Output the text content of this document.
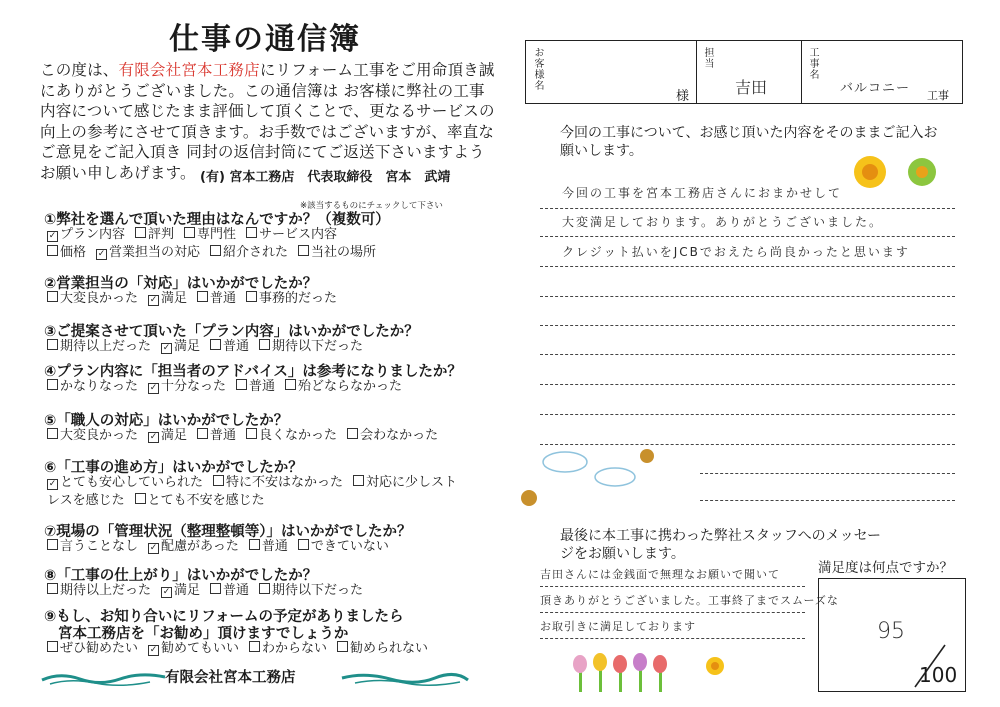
仕事の通信簿
この度は、有限会社宮本工務店にリフォーム工事をご用命頂き誠にありがとうございました。この通信簿は お客様に弊社の工事内容について感じたまま評価して頂くことで、更なるサービスの向上の参考にさせて頂きます。お手数ではございますが、率直なご意見をご記入頂き 同封の返信封筒にてご返送下さいますようお願い申しあげます。 (有) 宮本工務店　代表取締役　宮本　武靖
※該当するものにチェックして下さい
①弊社を選んで頂いた理由はなんですか？（複数可）
✓ プラン内容 評判 専門性 サービス内容
価格 ✓ 営業担当の対応 紹介された 当社の場所
②営業担当の「対応」はいかがでしたか？
大変良かった ✓ 満足 普通 事務的だった
③ご提案させて頂いた「プラン内容」はいかがでしたか？
期待以上だった ✓ 満足 普通 期待以下だった
④プラン内容に「担当者のアドバイス」は参考になりましたか？
かなりなった ✓ 十分なった 普通 殆どならなかった
⑤「職人の対応」はいかがでしたか？
大変良かった ✓ 満足 普通 良くなかった 会わなかった
⑥「工事の進め方」はいかがでしたか？
✓ とても安心していられた 特に不安はなかった 対応に少しスト
レスを感じた とても不安を感じた
⑦現場の「管理状況（整理整頓等）」はいかがでしたか？
言うことなし ✓ 配慮があった 普通 できていない
⑧「工事の仕上がり」はいかがでしたか？
期待以上だった ✓ 満足 普通 期待以下だった
⑨もし、お知り合いにリフォームの予定がありましたら
宮本工務店を「お勧め」頂けますでしょうか
ぜひ勧めたい ✓ 勧めてもいい わからない 勧められない
有限会社宮本工務店
お客様名
様
担当
吉田
工事名
バルコニー 工事
今回の工事について、お感じ頂いた内容をそのままご記入お願いします。
今回の工事を宮本工務店さんにおまかせして
大変満足しております。ありがとうございました。
クレジット払いをJCBでおえたら尚良かったと思います
最後に本工事に携わった弊社スタッフへのメッセージをお願いします。
満足度は何点ですか？
吉田さんには金銭面で無理なお願いで聞いて
頂きありがとうございました。工事終了までスムーズな
お取引きに満足しております	95
100
